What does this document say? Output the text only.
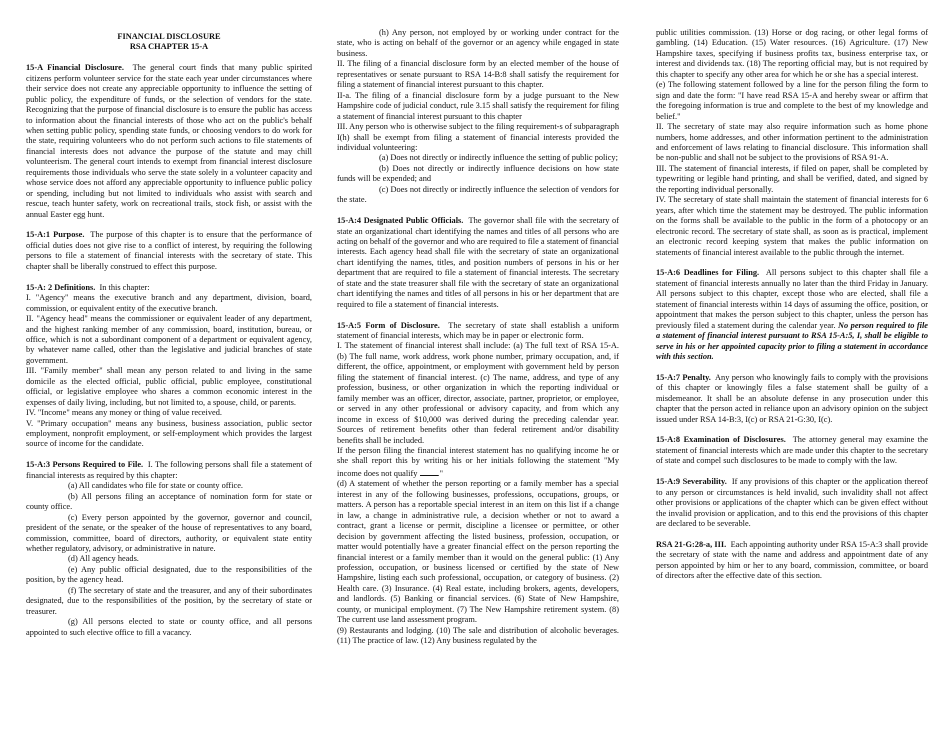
FINANCIAL DISCLOSURE
RSA CHAPTER 15-A

15-A Financial Disclosure. The general court finds that many public spirited citizens perform volunteer service for the state each year under circumstances where their service does not create any appreciable opportunity to influence the setting of public policy, the expenditure of funds, or the selection of vendors for the state. Recognizing that the purpose of financial disclosure is to ensure the public has access to information about the financial interests of those who act on the public's behalf when setting public policy, spending state funds, or choosing vendors to do work for the state, requiring volunteers who do not perform such actions to file statements of financial interests does not advance the purpose of the statute and may chill volunteerism. The general court intends to exempt from financial interest disclosure requirements those individuals who serve the state solely in a volunteer capacity and whose service does not afford any appreciable opportunity to influence public policy or spending, including but not limited to individuals who assist with search and rescue, teach hunter safety, work on recreational trails, stock fish, or assist with the annual Easter egg hunt.

15-A:1 Purpose. The purpose of this chapter is to ensure that the performance of official duties does not give rise to a conflict of interest, by requiring the following persons to file a statement of financial interests with the secretary of state. This chapter shall be liberally construed to effect this purpose.

15-A: 2 Definitions. In this chapter:
I. "Agency" means the executive branch and any department, division, board, commission, or equivalent entity of the executive branch.
II. "Agency head" means the commissioner or equivalent leader of any department, and the highest ranking member of any commission, board, institution, bureau, or office, which is not a subordinant component of a department or equivalent agency, by whatever name called, other than the legislative and judicial branches of state government.
III. "Family member" shall mean any person related to and living in the same domicile as the elected official, public official, public employee, constitutional official, or legislative employee who shares a common economic interest in the expenses of daily living, including, but not limited to, a spouse, child, or parents.
IV. "Income" means any money or thing of value received.

V. "Primary occupation" means any business, business association, public sector employment, nonprofit employment, or self-employment which provides the largest source of income for the candidate.

15-A:3 Persons Required to File. I. The following persons shall file a statement of financial interests as required by this chapter:
(a) All candidates who file for state or county office.
(b) All persons filing an acceptance of nomination form for state or county office.
(c) Every person appointed by the governor, governor and council, president of the senate, or the speaker of the house of representatives to any board, commission, committee, board of directors, authority, or equivalent state entity whether regulatory, advisory, or administrative in nature.
(d) All agency heads.
(e) Any public official designated, due to the responsibilities of the position, by the agency head.
(f) The secretary of state and the treasurer, and any of their subordinates designated, due to the responsibilities of the position, by the secretary of state or treasurer.
(g) All persons elected to state or county office, and all persons appointed to such elective office to fill a vacancy.
(h) Any person, not employed by or working under contract for the state, who is acting on behalf of the governor or an agency while engaged in state business.
II. The filing of a financial disclosure form by an elected member of the house of representatives or senate pursuant to RSA 14-B:8 shall satisfy the requirement for filing a statement of financial interest pursuant to this chapter.
II-a. The filing of a financial disclosure form by a judge pursuant to the New Hampshire code of judicial conduct, rule 3.15 shall satisfy the requirement for filing a statement of financial interest pursuant to this chapter
III. Any person who is otherwise subject to the filing requirement-s of subparagraph I(h) shall be exempt from filing a statement of financial interests provided the individual volunteering:
(a) Does not directly or indirectly influence the setting of public policy;
(b) Does not directly or indirectly influence decisions on how state funds will be expended; and

(c) Does not directly or indirectly influence the selection of vendors for the state.

15-A:4 Designated Public Officials. The governor shall file with the secretary of state an organizational chart identifying the names and titles of all persons who are acting on behalf of the governor and who are required to file a statement of financial interests. Each agency head shall file with the secretary of state an organizational chart identifying the names, titles, and position numbers of persons in his or her department that are required to file a statement of financial interests. The secretary of state and the state treasurer shall file with the secretary of state an organizational chart identifying the names and titles of all persons in his or her department that are required to file a statement of financial interests.

15-A:5 Form of Disclosure. The secretary of state shall establish a uniform statement of financial interests, which may be in paper or electronic form.
I. The statement of financial interest shall include: (a) The full text of RSA 15-A. (b) The full name, work address, work phone number, primary occupation, and, if different, the office, appointment, or employment with government held by person filing the statement of financial interest. (c) The name, address, and type of any profession, business, or other organization in which the reporting individual or family member was an officer, director, associate, partner, proprietor, or employee, or served in any other professional or advisory capacity, and from which any income in excess of $10,000 was derived during the preceding calendar year. Sources of retirement benefits other than federal retirement and/or disability benefits shall be included.
If the person filing the financial interest statement has no qualifying income he or she shall report this by writing his or her initials following the statement "My income does not qualify ."
(d) A statement of whether the person reporting or a family member has a special interest in any of the following businesses, professions, occupations, groups, or matters. A person has a reportable special interest in an item on this list if a change in law, a change in administrative rule, a decision whether or not to award a contract, grant a license or permit, discipline a licensee or permittee, or other decision by government affecting the listed business, profession, occupation, or matter would potentially have a greater financial effect on the person reporting the financial interest or a family member than it would on the general public: (1) Any profession, occupation, or business licensed or certified by the state of New Hampshire, listing each such professional, occupation, or category of business. (2) Health care. (3) Insurance. (4) Real estate, including brokers, agents, developers, and landlords. (5) Banking or financial services. (6) State of New Hampshire, county, or municipal employment. (7) The New Hampshire retirement system. (8) The current use land assessment program.
(9) Restaurants and lodging. (10) The sale and distribution of alcoholic beverages. (11) The practice of law. (12) Any business regulated by the
public utilities commission. (13) Horse or dog racing, or other legal forms of gambling. (14) Education. (15) Water resources. (16) Agriculture. (17) New Hampshire taxes, specifying if business profits tax, business enterprise tax, or interest and dividends tax. (18) The reporting official may, but is not required by this chapter to specify any other area for which he or she has a special interest.
(e) The following statement followed by a line for the person filing the form to sign and date the form: "I have read RSA 15-A and hereby swear or affirm that the foregoing information is true and complete to the best of my knowledge and belief."
II. The secretary of state may also require information such as home phone numbers, home addresses, and other information pertinent to the administration and enforcement of laws relating to financial disclosure. This information shall be non-public and shall not be subject to the provisions of RSA 91-A.
III. The statement of financial interests, if filed on paper, shall be completed by typewriting or legible hand printing, and shall be verified, dated, and signed by the reporting individual personally.

IV. The secretary of state shall maintain the statement of financial interests for 6 years, after which time the statement may be destroyed. The public information on the forms shall be available to the public in the form of a photocopy or an electronic record. The secretary of state shall, as soon as is practical, implement an electronic record keeping system that makes the public information on statements of financial interest available to the public through the internet.

15-A:6 Deadlines for Filing. All persons subject to this chapter shall file a statement of financial interests annually no later than the third Friday in January. All persons subject to this chapter, except those who are elected, shall file a statement of financial interests within 14 days of assuming the office, position, or appointment that makes the person subject to this chapter, unless the person has previously filed a statement during the calendar year. No person required to file a statement of financial interest pursuant to RSA 15-A:5, I, shall be eligible to serve in his or her appointed capacity prior to filing a statement in accordance with this section.

15-A:7 Penalty. Any person who knowingly fails to comply with the provisions of this chapter or knowingly files a false statement shall be guilty of a misdemeanor. It shall be an absolute defense in any prosecution under this chapter that the person acted in reliance upon an advisory opinion on the subject issued under RSA 14-B:3, I(c) or RSA 21-G:30, I(c).

15-A:8 Examination of Disclosures. The attorney general may examine the statement of financial interests which are made under this chapter to the secretary of state and compel such disclosures to be made to comply with the law.

15-A:9 Severability. If any provisions of this chapter or the application thereof to any person or circumstances is held invalid, such invalidity shall not affect other provisions or applications of the chapter which can be given effect without the invalid provision or application, and to this end the provisions of this chapter are declared to be severable.

RSA 21-G:28-a, III. Each appointing authority under RSA 15-A:3 shall provide the secretary of state with the name and address and appointment date of any person appointed by him or her to any board, commission, committee, or board of directors after the effective date of this section.
